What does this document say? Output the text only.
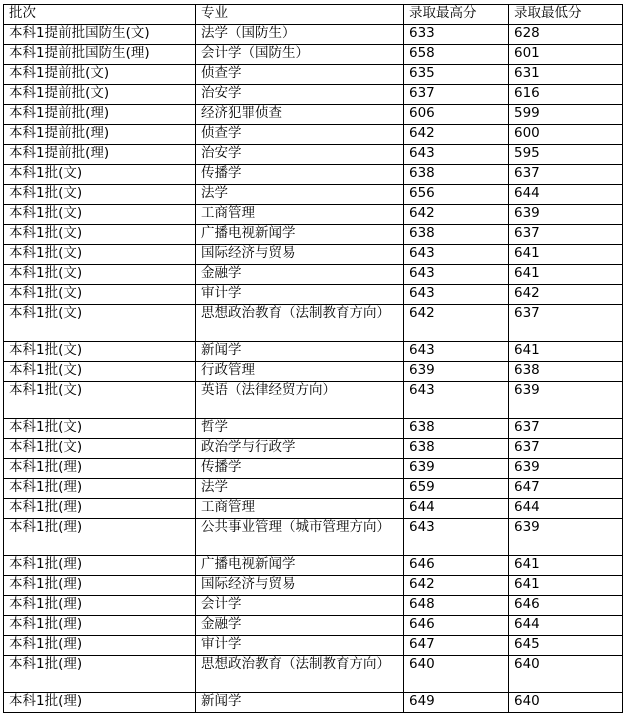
批次	专业	录取最高分	录取最低分
本科1提前批国防生(文)	法学（国防生）	633	628
本科1提前批国防生(理)	会计学（国防生）	658	601
本科1提前批(文)	侦查学	635	631
本科1提前批(文)	治安学	637	616
本科1提前批(理)	经济犯罪侦查	606	599
本科1提前批(理)	侦查学	642	600
本科1提前批(理)	治安学	643	595
本科1批(文)	传播学	638	637
本科1批(文)	法学	656	644
本科1批(文)	工商管理	642	639
本科1批(文)	广播电视新闻学	638	637
本科1批(文)	国际经济与贸易	643	641
本科1批(文)	金融学	643	641
本科1批(文)	审计学	643	642
本科1批(文)	思想政治教育（法制教育方向）	642	637
本科1批(文)	新闻学	643	641
本科1批(文)	行政管理	639	638
本科1批(文)	英语（法律经贸方向）	643	639
本科1批(文)	哲学	638	637
本科1批(文)	政治学与行政学	638	637
本科1批(理)	传播学	639	639
本科1批(理)	法学	659	647
本科1批(理)	工商管理	644	644
本科1批(理)	公共事业管理（城市管理方向）	643	639
本科1批(理)	广播电视新闻学	646	641
本科1批(理)	国际经济与贸易	642	641
本科1批(理)	会计学	648	646
本科1批(理)	金融学	646	644
本科1批(理)	审计学	647	645
本科1批(理)	思想政治教育（法制教育方向）	640	640
本科1批(理)	新闻学	649	640
